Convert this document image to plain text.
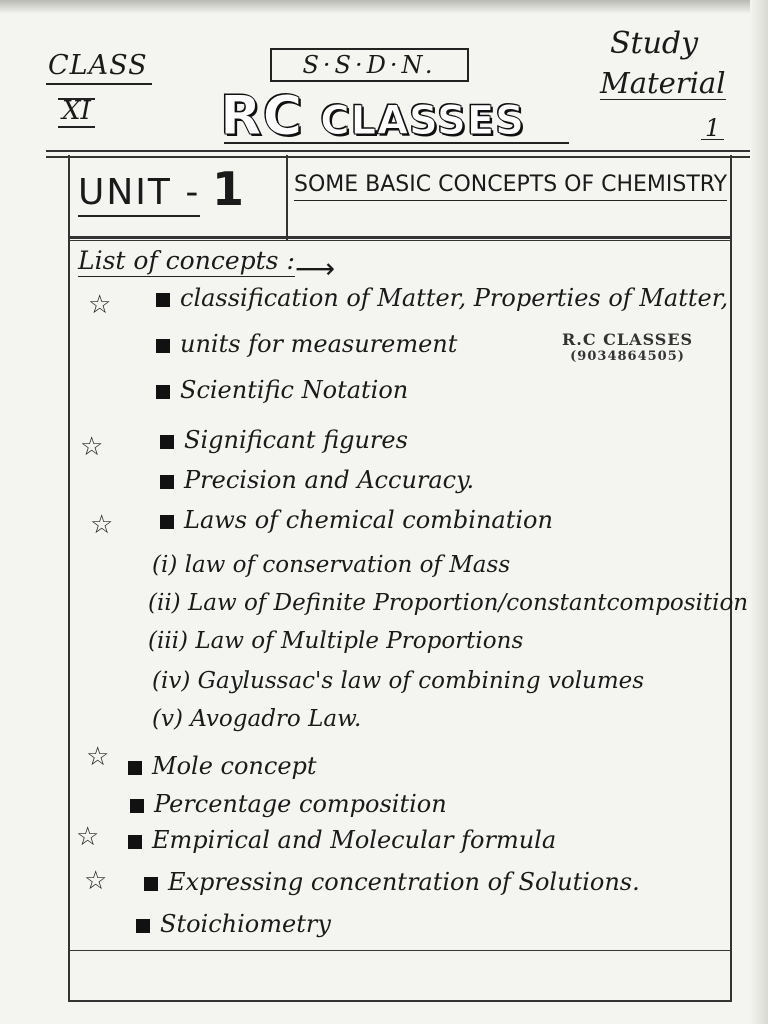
CLASS
XI
S·S·D·N.
RC CLASSES
Study
Material
1
UNIT - 1 SOME BASIC CONCEPTS OF CHEMISTRY
List of concepts : ⟶
☆
☆
☆
☆
☆
☆
classification of Matter, Properties of Matter,
units for measurement
Scientific Notation
Significant figures
Precision and Accuracy.
Laws of chemical combination
(i) law of conservation of Mass
(ii) Law of Definite Proportion/constantcomposition
(iii) Law of Multiple Proportions
(iv) Gaylussac's law of combining volumes
(v) Avogadro Law.
Mole concept
Percentage composition
Empirical and Molecular formula
Expressing concentration of Solutions.
Stoichiometry
R.C CLASSES
(9034864505)
